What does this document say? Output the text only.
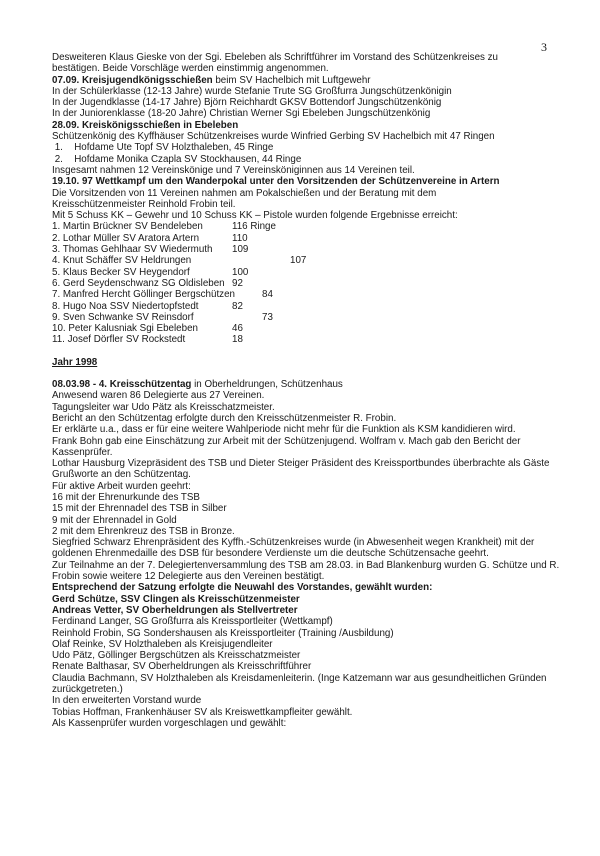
3
Desweiteren Klaus Gieske von der Sgi. Ebeleben als Schriftführer im Vorstand des Schützenkreises zu
bestätigen. Beide Vorschläge werden einstimmig angenommen.
07.09. Kreisjugendkönigsschießen beim SV Hachelbich mit Luftgewehr
In der Schülerklasse (12-13 Jahre) wurde Stefanie Trute SG Großfurra Jungschützenkönigin
In der Jugendklasse (14-17 Jahre) Björn Reichhardt GKSV Bottendorf Jungschützenkönig
In der Juniorenklasse (18-20 Jahre) Christian Werner Sgi Ebeleben Jungschützenkönig
28.09. Kreiskönigsschießen in Ebeleben
Schützenkönig des Kyffhäuser Schützenkreises wurde Winfried Gerbing SV Hachelbich mit 47 Ringen
1. Hofdame Ute Topf SV Holzthaleben, 45 Ringe
2. Hofdame Monika Czapla SV Stockhausen, 44 Ringe
Insgesamt nahmen 12 Vereinskönige und 7 Vereinsköniginnen aus 14 Vereinen teil.
19.10. 97 Wettkampf um den Wanderpokal unter den Vorsitzenden der Schützenvereine in Artern
Die Vorsitzenden von 11 Vereinen nahmen am Pokalschießen und der Beratung mit dem
Kreisschützenmeister Reinhold Frobin teil.
Mit 5 Schuss KK – Gewehr und 10 Schuss KK – Pistole wurden folgende Ergebnisse erreicht:
1. Martin Brückner SV Bendeleben	116 Ringe
2. Lothar Müller SV Aratora Artern	110
3. Thomas Gehlhaar SV Wiedermuth	109
4. Knut Schäffer SV Heldrungen	107
5. Klaus Becker SV Heygendorf	100
6. Gerd Seydenschwanz SG Oldisleben 92
7. Manfred Hercht Göllinger Bergschützen	84
8. Hugo Noa SSV Niedertopfstedt	82
9. Sven Schwanke SV Reinsdorf	73
10. Peter Kalusniak Sgi Ebeleben	46
11. Josef Dörfler SV Rockstedt	18
Jahr 1998
08.03.98 - 4. Kreisschützentag in Oberheldrungen, Schützenhaus
Anwesend waren 86 Delegierte aus 27 Vereinen.
Tagungsleiter war Udo Pätz als Kreisschatzmeister.
Bericht an den Schützentag erfolgte durch den Kreisschützenmeister R. Frobin.
Er erklärte u.a., dass er für eine weitere Wahlperiode nicht mehr für die Funktion als KSM kandidieren wird.
Frank Bohn gab eine Einschätzung zur Arbeit mit der Schützenjugend. Wolfram v. Mach gab den Bericht der Kassenprüfer.
Lothar Hausburg Vizepräsident des TSB und Dieter Steiger Präsident des Kreissportbundes überbrachte als Gäste Grußworte an den Schützentag.
Für aktive Arbeit wurden geehrt:
16 mit der Ehrenurkunde des TSB
15 mit der Ehrennadel des TSB in Silber
9 mit der Ehrennadel in Gold
2 mit dem Ehrenkreuz des TSB in Bronze.
Siegfried Schwarz Ehrenpräsident des Kyffh.-Schützenkreises wurde (in Abwesenheit wegen Krankheit) mit der goldenen Ehrenmedaille des DSB für besondere Verdienste um die deutsche Schützensache geehrt.
Zur Teilnahme an der 7. Delegiertenversammlung des TSB am 28.03. in Bad Blankenburg wurden G. Schütze und R. Frobin sowie weitere 12 Delegierte aus den Vereinen bestätigt.
Entsprechend der Satzung erfolgte die Neuwahl des Vorstandes, gewählt wurden:
Gerd Schütze, SSV Clingen als Kreisschützenmeister
Andreas Vetter, SV Oberheldrungen als Stellvertreter
Ferdinand Langer, SG Großfurra als Kreissportleiter (Wettkampf)
Reinhold Frobin, SG Sondershausen als Kreissportleiter (Training /Ausbildung)
Olaf Reinke, SV Holzthaleben als Kreisjugendleiter
Udo Pätz, Göllinger Bergschützen als Kreisschatzmeister
Renate Balthasar, SV Oberheldrungen als Kreisschriftführer
Claudia Bachmann, SV Holzthaleben als Kreisdamenleiterin. (Inge Katzemann war aus gesundheitlichen Gründen zurückgetreten.)
In den erweiterten Vorstand wurde
Tobias Hoffman, Frankenhäuser SV als Kreiswettkampfleiter gewählt.
Als Kassenprüfer wurden vorgeschlagen und gewählt:
